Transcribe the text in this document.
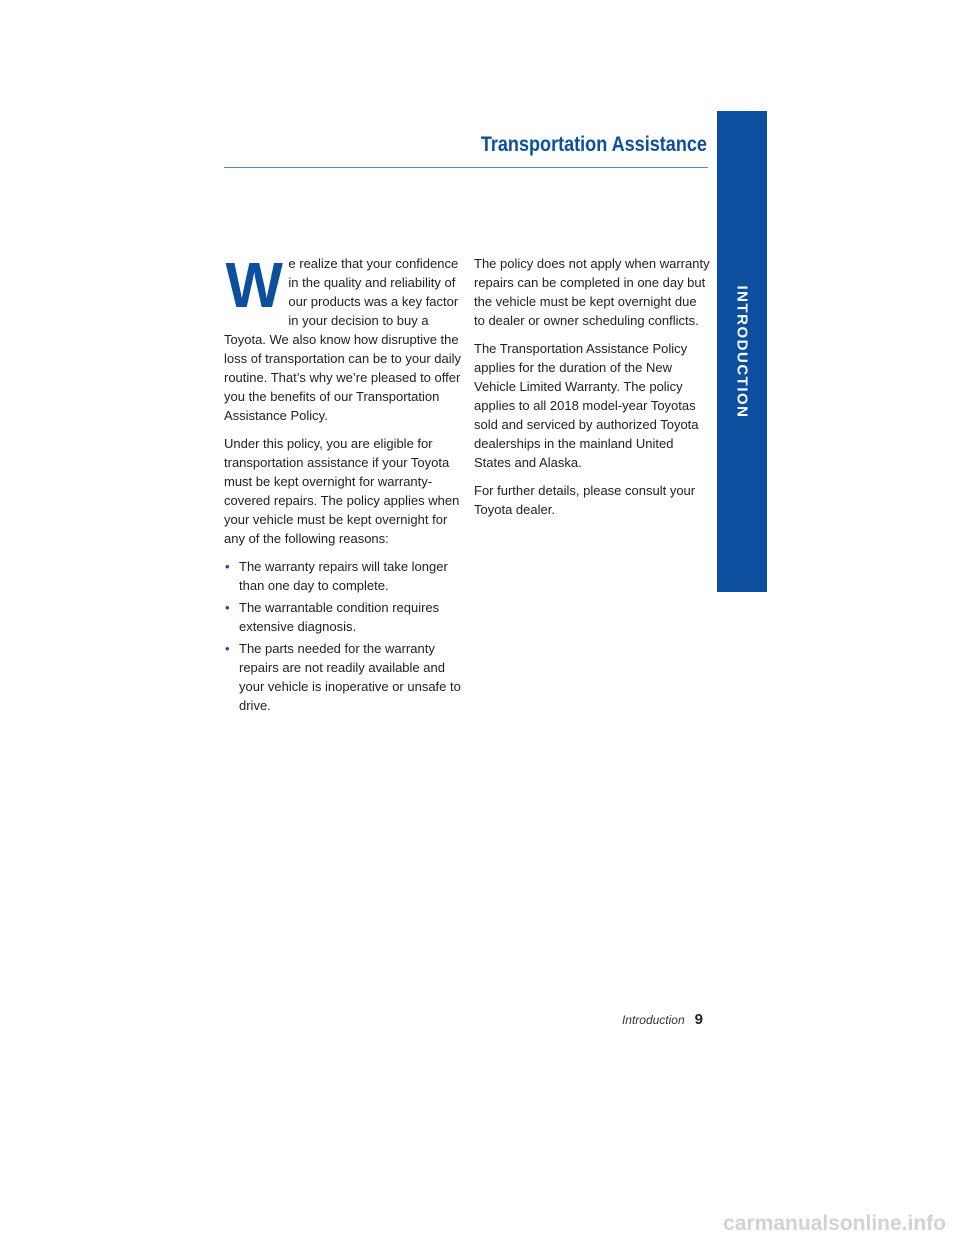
Transportation Assistance
INTRODUCTION

We realize that your confidence in the quality and reliability of our products was a key factor in your decision to buy a Toyota. We also know how disruptive the loss of transportation can be to your daily routine. That’s why we’re pleased to offer you the benefits of our Transportation Assistance Policy.

Under this policy, you are eligible for transportation assistance if your Toyota must be kept overnight for warranty-covered repairs. The policy applies when your vehicle must be kept overnight for any of the following reasons:

• The warranty repairs will take longer than one day to complete.
• The warrantable condition requires extensive diagnosis.
• The parts needed for the warranty repairs are not readily available and your vehicle is inoperative or unsafe to drive.

The policy does not apply when warranty repairs can be completed in one day but the vehicle must be kept overnight due to dealer or owner scheduling conflicts.

The Transportation Assistance Policy applies for the duration of the New Vehicle Limited Warranty. The policy applies to all 2018 model-year Toyotas sold and serviced by authorized Toyota dealerships in the mainland United States and Alaska.

For further details, please consult your Toyota dealer.

Introduction 9
carmanualsonline.info
